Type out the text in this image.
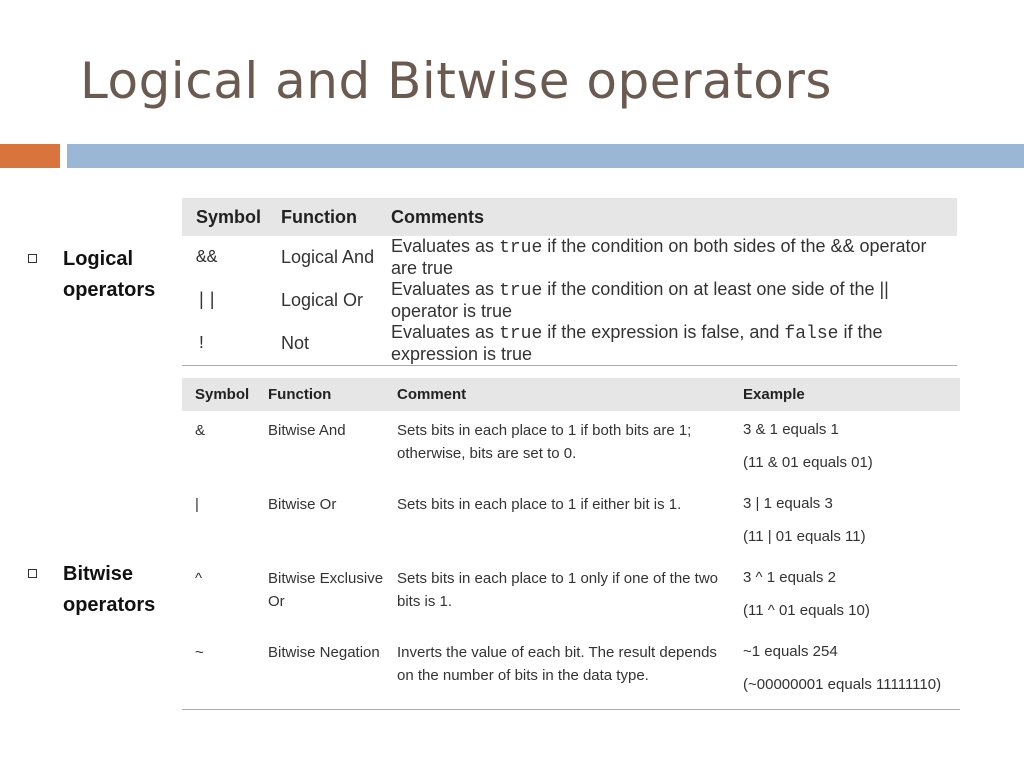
Logical and Bitwise operators
Logical operators
Bitwise operators
Symbol	Function	Comments
&&	Logical And	Evaluates as true if the condition on both sides of the && operator are true
||	Logical Or	Evaluates as true if the condition on at least one side of the || operator is true
!	Not	Evaluates as true if the expression is false, and false if the expression is true
Symbol	Function	Comment	Example
&	Bitwise And	Sets bits in each place to 1 if both bits are 1; otherwise, bits are set to 0.	3 & 1 equals 1
(11 & 01 equals 01)

|	Bitwise Or	Sets bits in each place to 1 if either bit is 1.	3 | 1 equals 3
(11 | 01 equals 11)

^	Bitwise Exclusive Or	Sets bits in each place to 1 only if one of the two bits is 1.	3 ^ 1 equals 2
(11 ^ 01 equals 10)

~	Bitwise Negation	Inverts the value of each bit. The result depends on the number of bits in the data type.	~1 equals 254
(~00000001 equals 11111110)
